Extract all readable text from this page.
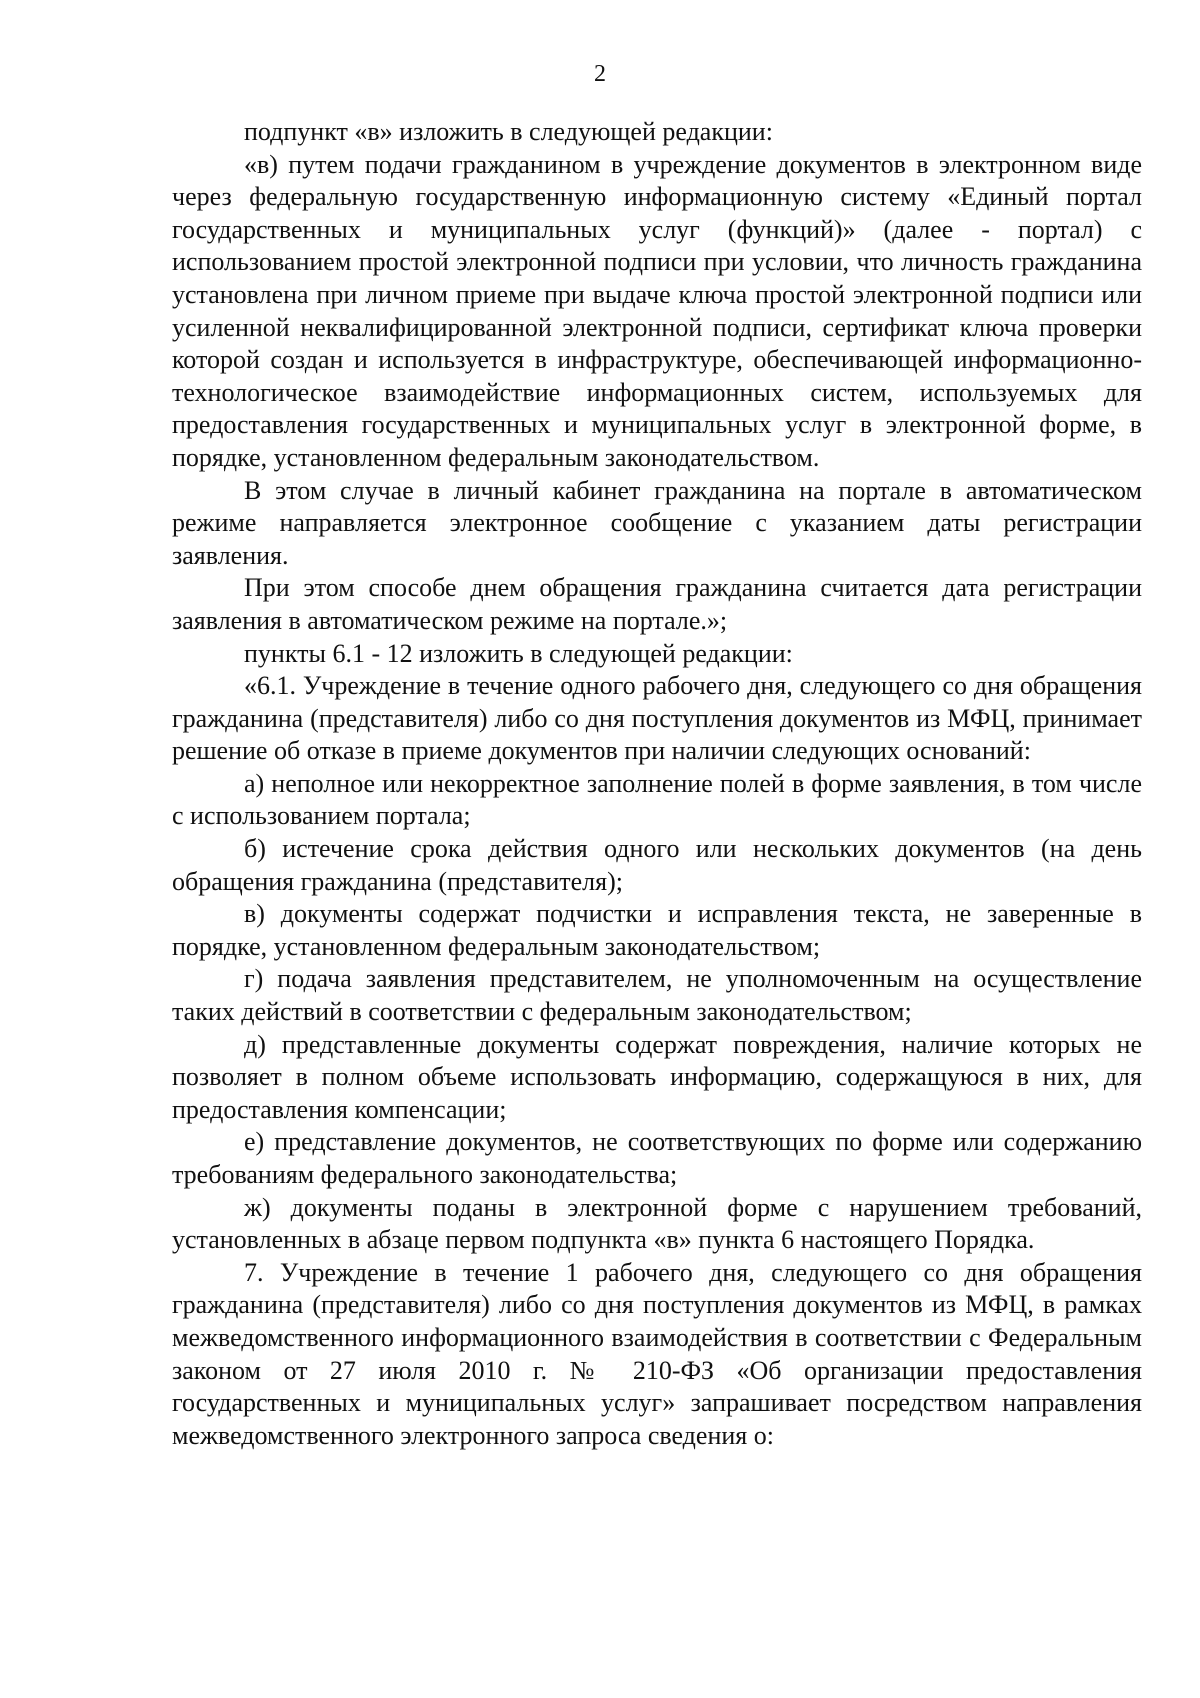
2

подпункт «в» изложить в следующей редакции:

«в) путем подачи гражданином в учреждение документов в электронном виде через федеральную государственную информационную систему «Единый портал государственных и муниципальных услуг (функций)» (далее - портал) с использованием простой электронной подписи при условии, что личность гражданина установлена при личном приеме при выдаче ключа простой электронной подписи или усиленной неквалифицированной электронной подписи, сертификат ключа проверки которой создан и используется в инфраструктуре, обеспечивающей информационно-технологическое взаимодействие информационных систем, используемых для предоставления государственных и муниципальных услуг в электронной форме, в порядке, установленном федеральным законодательством.

В этом случае в личный кабинет гражданина на портале в автоматическом режиме направляется электронное сообщение с указанием даты регистрации заявления.

При этом способе днем обращения гражданина считается дата регистрации заявления в автоматическом режиме на портале.»;

пункты 6.1 - 12 изложить в следующей редакции:

«6.1. Учреждение в течение одного рабочего дня, следующего со дня обращения гражданина (представителя) либо со дня поступления документов из МФЦ, принимает решение об отказе в приеме документов при наличии следующих оснований:

а) неполное или некорректное заполнение полей в форме заявления, в том числе с использованием портала;

б) истечение срока действия одного или нескольких документов (на день обращения гражданина (представителя);

в) документы содержат подчистки и исправления текста, не заверенные в порядке, установленном федеральным законодательством;

г) подача заявления представителем, не уполномоченным на осуществление таких действий в соответствии с федеральным законодательством;

д) представленные документы содержат повреждения, наличие которых не позволяет в полном объеме использовать информацию, содержащуюся в них, для предоставления компенсации;

е) представление документов, не соответствующих по форме или содержанию требованиям федерального законодательства;

ж) документы поданы в электронной форме с нарушением требований, установленных в абзаце первом подпункта «в» пункта 6 настоящего Порядка.

7. Учреждение в течение 1 рабочего дня, следующего со дня обращения гражданина (представителя) либо со дня поступления документов из МФЦ, в рамках межведомственного информационного взаимодействия в соответствии с Федеральным законом от 27 июля 2010 г. № 210-ФЗ «Об организации предоставления государственных и муниципальных услуг» запрашивает посредством направления межведомственного электронного запроса сведения о:
